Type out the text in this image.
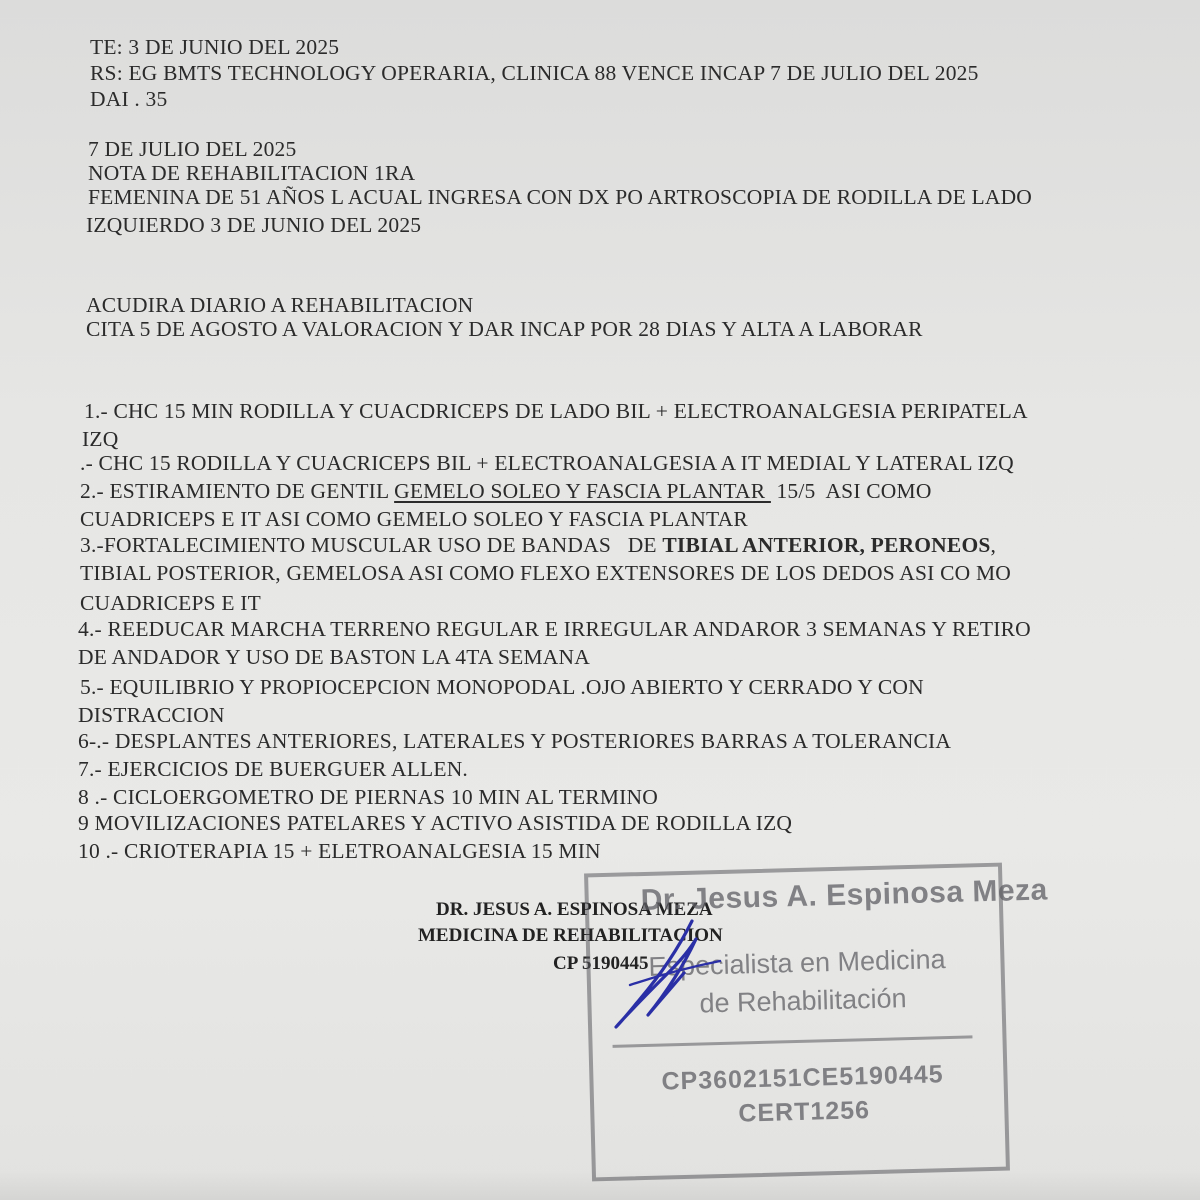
TE: 3 DE JUNIO DEL 2025
RS: EG BMTS TECHNOLOGY OPERARIA, CLINICA 88 VENCE INCAP 7 DE JULIO DEL 2025
DAI . 35
7 DE JULIO DEL 2025
NOTA DE REHABILITACION 1RA
FEMENINA DE 51 AÑOS L ACUAL INGRESA CON DX PO ARTROSCOPIA DE RODILLA DE LADO
IZQUIERDO 3 DE JUNIO DEL 2025
ACUDIRA DIARIO A REHABILITACION
CITA 5 DE AGOSTO A VALORACION Y DAR INCAP POR 28 DIAS Y ALTA A LABORAR
1.- CHC 15 MIN RODILLA Y CUACDRICEPS DE LADO BIL + ELECTROANALGESIA PERIPATELA
IZQ
.- CHC 15 RODILLA Y CUACRICEPS BIL + ELECTROANALGESIA A IT MEDIAL Y LATERAL IZQ
2.- ESTIRAMIENTO DE GENTIL GEMELO SOLEO Y FASCIA PLANTAR  15/5  ASI COMO
CUADRICEPS E IT ASI COMO GEMELO SOLEO Y FASCIA PLANTAR
3.-FORTALECIMIENTO MUSCULAR USO DE BANDAS   DE TIBIAL ANTERIOR, PERONEOS,
TIBIAL POSTERIOR, GEMELOSA ASI COMO FLEXO EXTENSORES DE LOS DEDOS ASI CO MO
CUADRICEPS E IT
4.- REEDUCAR MARCHA TERRENO REGULAR E IRREGULAR ANDAROR 3 SEMANAS Y RETIRO
DE ANDADOR Y USO DE BASTON LA 4TA SEMANA
5.- EQUILIBRIO Y PROPIOCEPCION MONOPODAL .OJO ABIERTO Y CERRADO Y CON
DISTRACCION
6-.- DESPLANTES ANTERIORES, LATERALES Y POSTERIORES BARRAS A TOLERANCIA
7.- EJERCICIOS DE BUERGUER ALLEN.
8 .- CICLOERGOMETRO DE PIERNAS 10 MIN AL TERMINO
9 MOVILIZACIONES PATELARES Y ACTIVO ASISTIDA DE RODILLA IZQ
10 .- CRIOTERAPIA 15 + ELETROANALGESIA 15 MIN
DR. JESUS A. ESPINOSA MEZA
MEDICINA DE REHABILITACION
CP 5190445
Dr. Jesus A. Espinosa Meza
Especialista en Medicina
de Rehabilitación
CP3602151CE5190445
CERT1256
